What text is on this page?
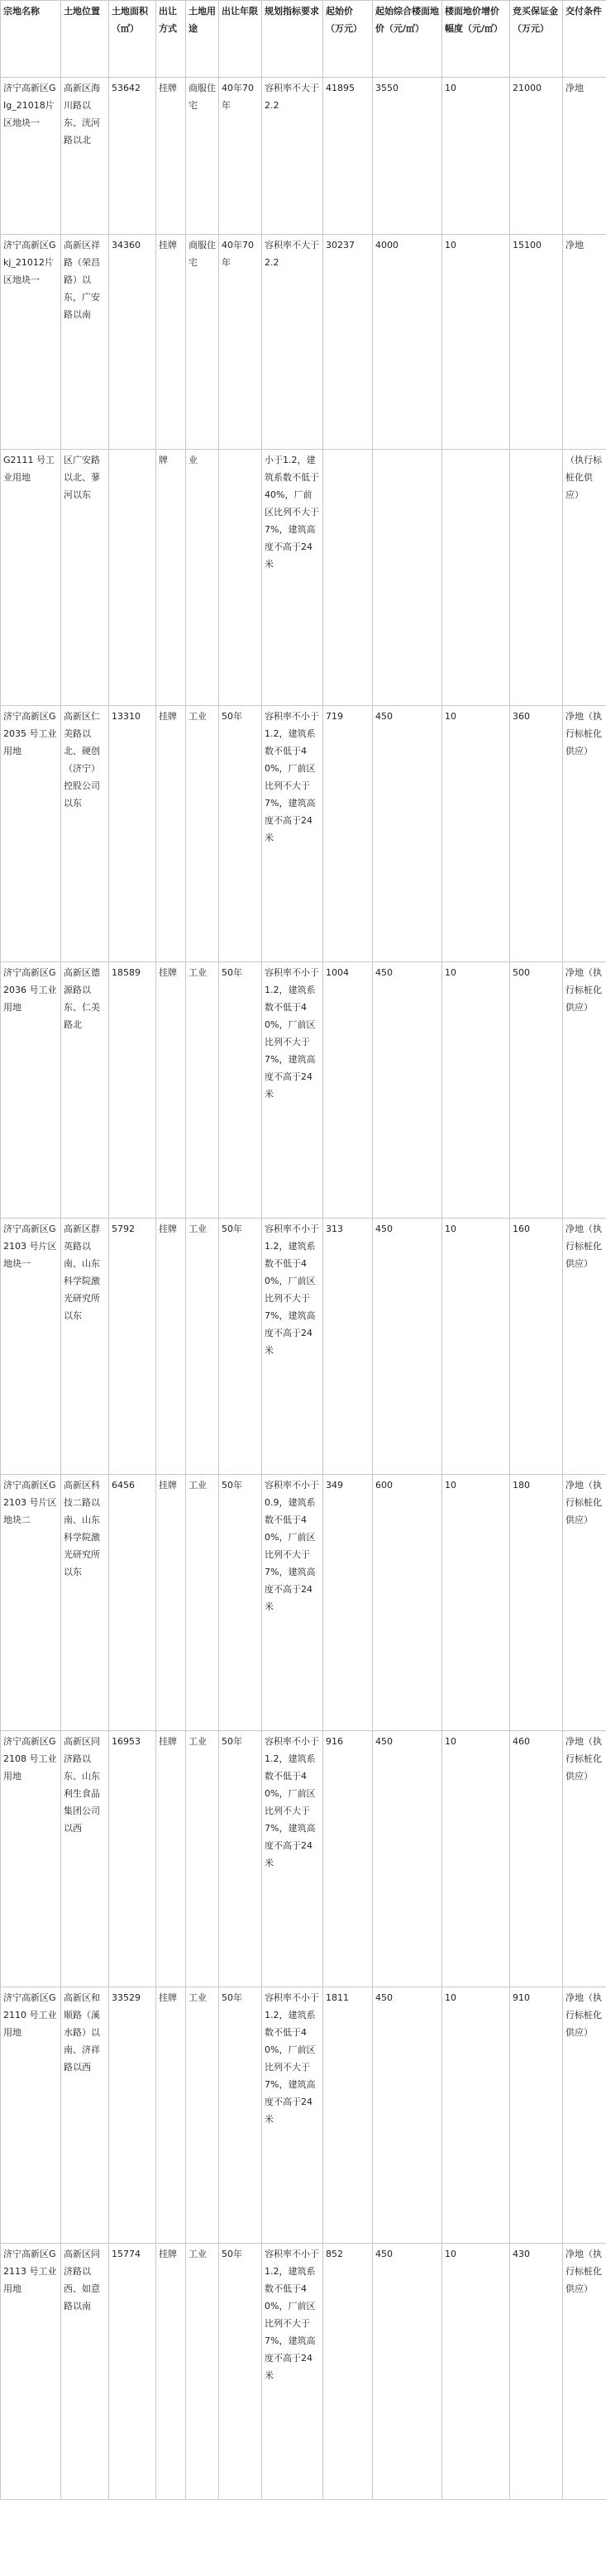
宗地名称	土地位置	土地面积（㎡）	出让方式	土地用途	出让年限	规划指标要求	起始价（万元）	起始综合楼面地价（元/㎡）	楼面地价增价幅度（元/㎡）	竞买保证金（万元）	交付条件
济宁高新区GIg_21018片区地块一	高新区海川路以东、洸河路以北	53642	挂牌	商服住宅	40年70年	容积率不大于2.2	41895	3550	10	21000	净地
济宁高新区Gkj_21012片区地块一	高新区祥路（荣昌路）以东，广安路以南	34360	挂牌	商服住宅	40年70年	容积率不大于2.2	30237	4000	10	15100	净地
G2111 号工业用地	区广安路以北、蓼河以东		牌	业		小于1.2，建筑系数不低于40%，厂前区比列不大于7%，建筑高度不高于24米					（执行标桩化供应）
济宁高新区G2035 号工业用地	高新区仁美路以北、硬创（济宁）控股公司以东	13310	挂牌	工业	50年	容积率不小于1.2，建筑系数不低于40%，厂前区比列不大于7%，建筑高度不高于24米	719	450	10	360	净地（执行标桩化供应）
济宁高新区G2036 号工业用地	高新区德源路以东、仁美路北	18589	挂牌	工业	50年	容积率不小于1.2，建筑系数不低于40%，厂前区比列不大于7%，建筑高度不高于24米	1004	450	10	500	净地（执行标桩化供应）
济宁高新区G2103 号片区地块一	高新区群英路以南、山东科学院激光研究所以东	5792	挂牌	工业	50年	容积率不小于1.2，建筑系数不低于40%，厂前区比列不大于7%，建筑高度不高于24米	313	450	10	160	净地（执行标桩化供应）
济宁高新区G2103 号片区地块二	高新区科技二路以南、山东科学院激光研究所以东	6456	挂牌	工业	50年	容积率不小于0.9，建筑系数不低于40%，厂前区比列不大于7%，建筑高度不高于24米	349	600	10	180	净地（执行标桩化供应）
济宁高新区G2108 号工业用地	高新区同济路以东、山东利生食品集团公司以西	16953	挂牌	工业	50年	容积率不小于1.2，建筑系数不低于40%，厂前区比列不大于7%，建筑高度不高于24米	916	450	10	460	净地（执行标桩化供应）
济宁高新区G2110 号工业用地	高新区和顺路（溪水路）以南、济祥路以西	33529	挂牌	工业	50年	容积率不小于1.2，建筑系数不低于40%，厂前区比列不大于7%，建筑高度不高于24米	1811	450	10	910	净地（执行标桩化供应）
济宁高新区G2113 号工业用地	高新区同济路以西、如意路以南	15774	挂牌	工业	50年	容积率不小于1.2，建筑系数不低于40%，厂前区比列不大于7%，建筑高度不高于24米	852	450	10	430	净地（执行标桩化供应）
